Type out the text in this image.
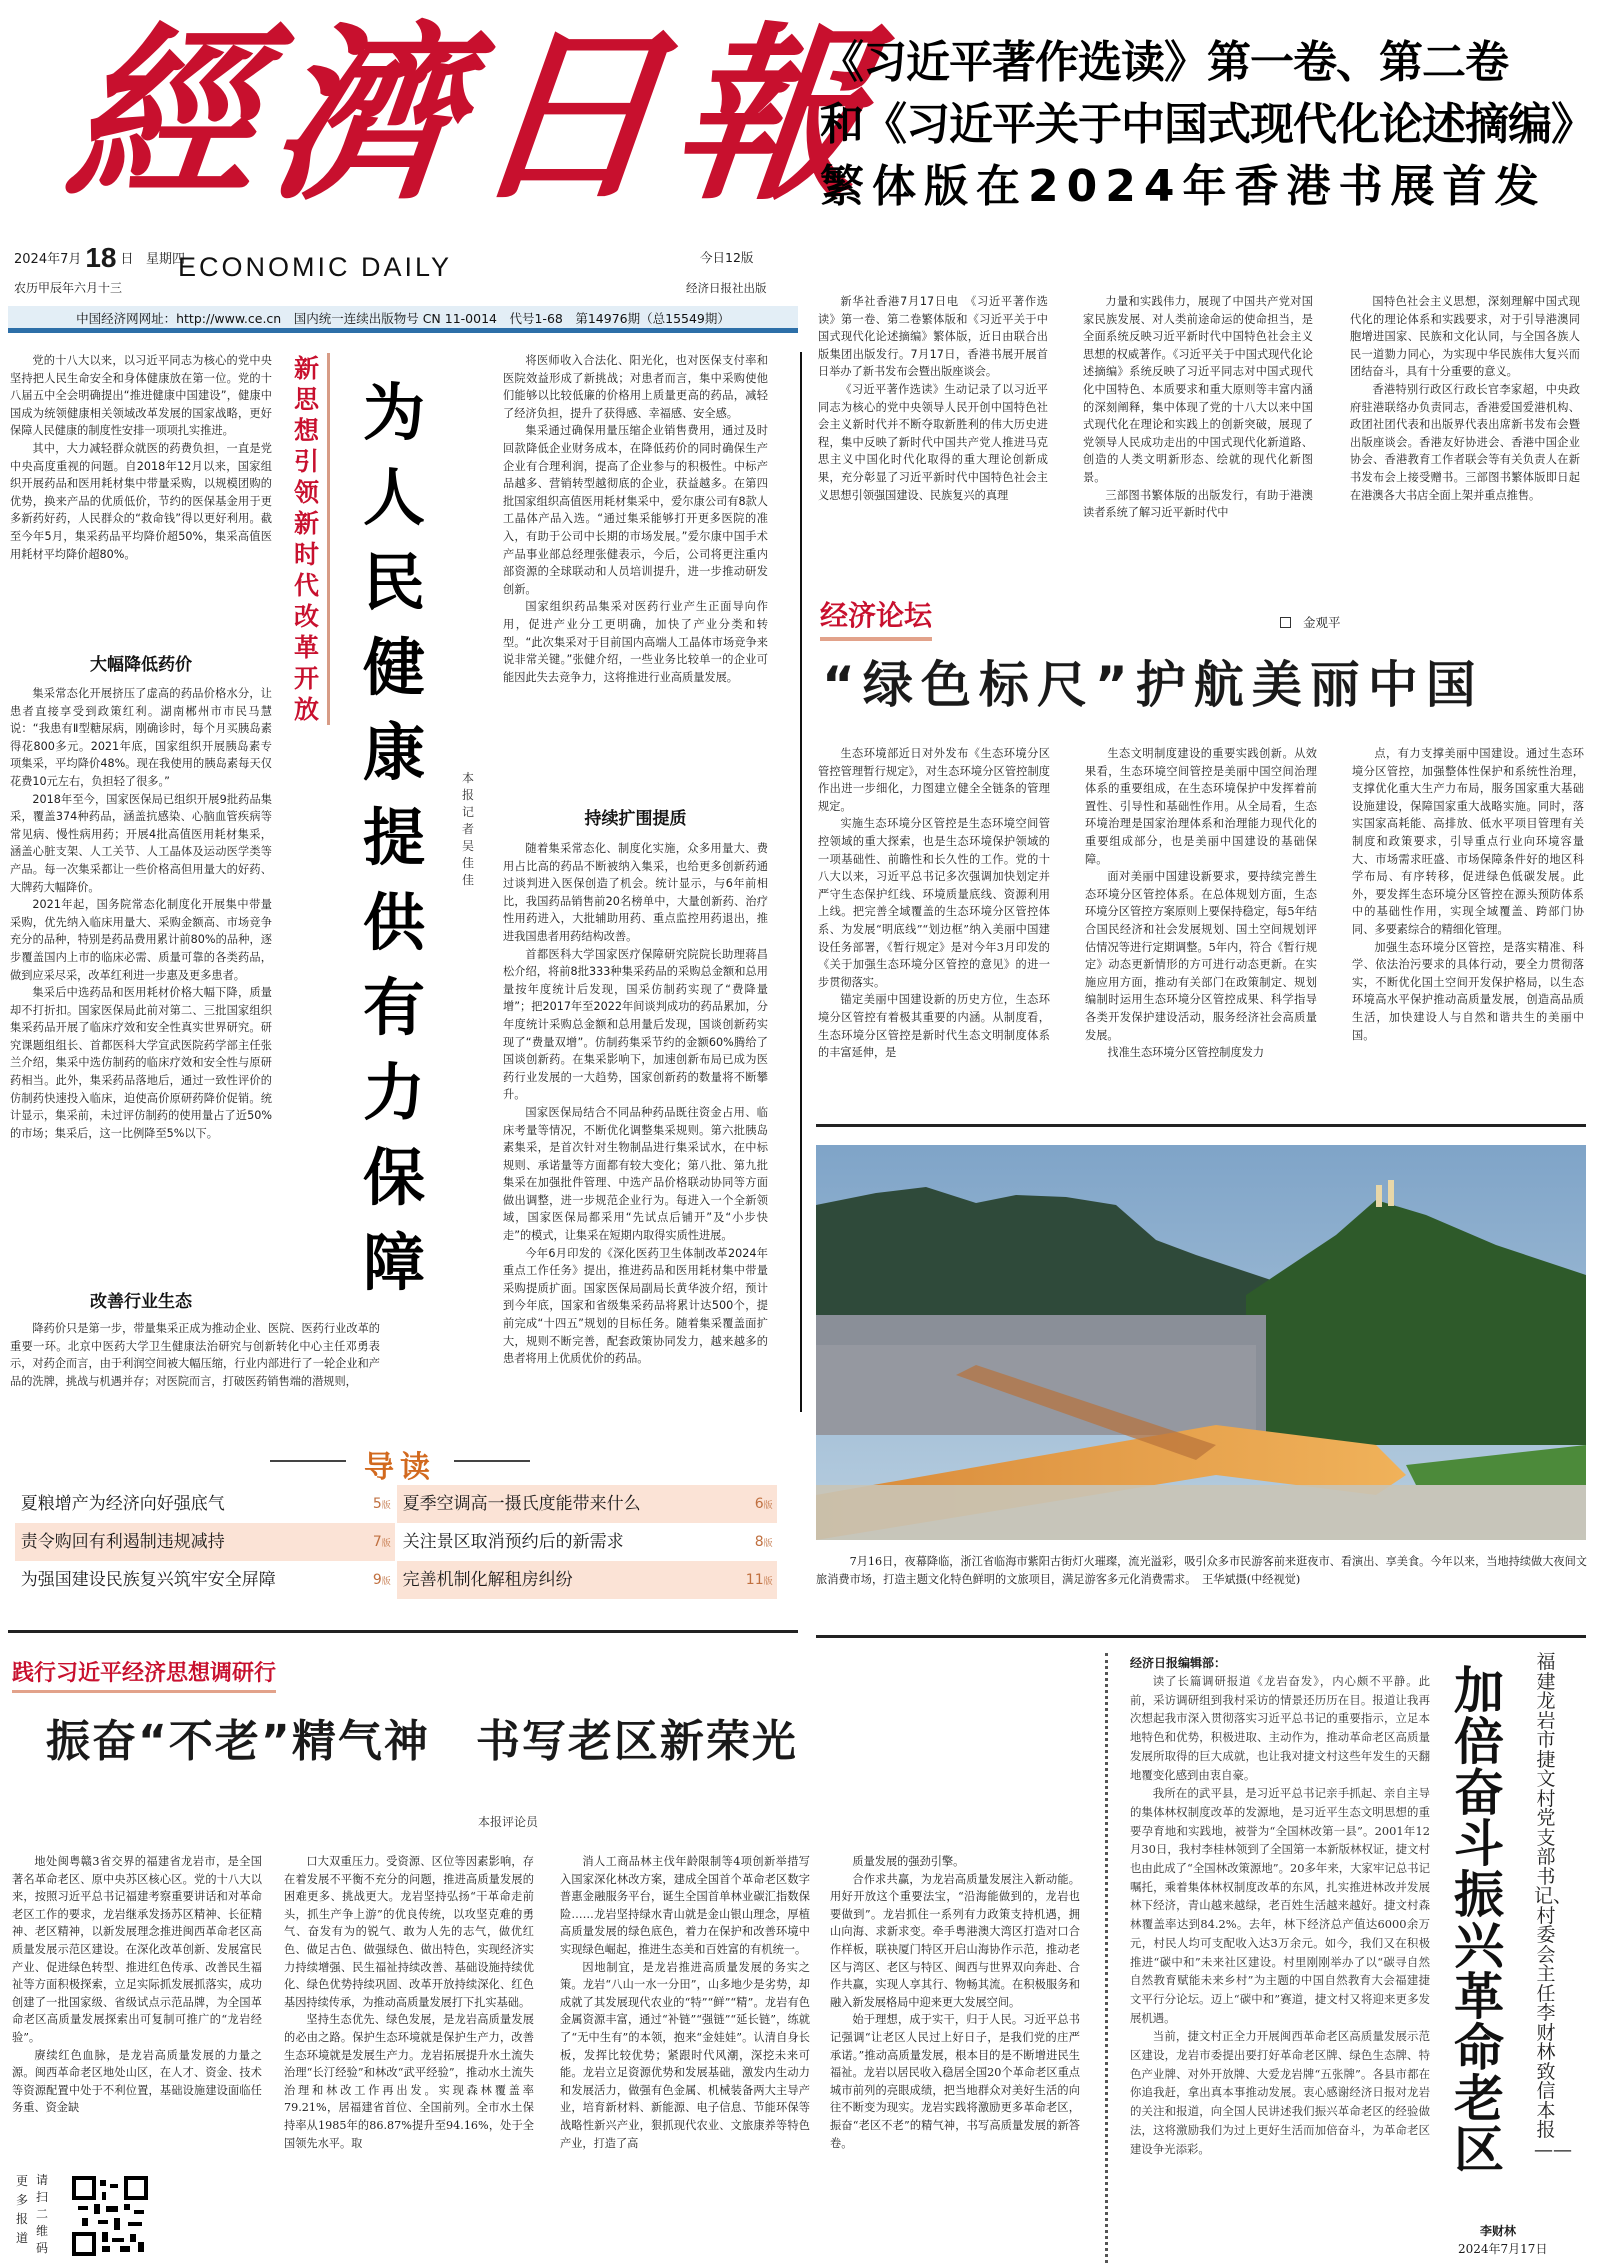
經濟日報
2024年7月 18 日 星期四
农历甲辰年六月十三
ECONOMIC DAILY	今日12版
经济日报社出版
中国经济网网址：http://www.ce.cn　国内统一连续出版物号 CN 11-0014　代号1-68　第14976期（总15549期）
《习近平著作选读》第一卷、第二卷
和《习近平关于中国式现代化论述摘编》
繁体版在2024年香港书展首发

新华社香港7月17日电　《习近平著作选读》第一卷、第二卷繁体版和《习近平关于中国式现代化论述摘编》繁体版，近日由联合出版集团出版发行。7月17日，香港书展开展首日举办了新书发布会暨出版座谈会。

《习近平著作选读》生动记录了以习近平同志为核心的党中央领导人民开创中国特色社会主义新时代并不断夺取新胜利的伟大历史进程，集中反映了新时代中国共产党人推进马克思主义中国化时代化取得的重大理论创新成果，充分彰显了习近平新时代中国特色社会主义思想引领强国建设、民族复兴的真理

力量和实践伟力，展现了中国共产党对国家民族发展、对人类前途命运的使命担当，是全面系统反映习近平新时代中国特色社会主义思想的权威著作。《习近平关于中国式现代化论述摘编》系统反映了习近平同志对中国式现代化中国特色、本质要求和重大原则等丰富内涵的深刻阐释，集中体现了党的十八大以来中国式现代化在理论和实践上的创新突破，展现了党领导人民成功走出的中国式现代化新道路、创造的人类文明新形态、绘就的现代化新图景。

三部图书繁体版的出版发行，有助于港澳读者系统了解习近平新时代中

国特色社会主义思想，深刻理解中国式现代化的理论体系和实践要求，对于引导港澳同胞增进国家、民族和文化认同，与全国各族人民一道勠力同心，为实现中华民族伟大复兴而团结奋斗，具有十分重要的意义。

香港特别行政区行政长官李家超，中央政府驻港联络办负责同志，香港爱国爱港机构、政团社团代表和出版界代表出席新书发布会暨出版座谈会。香港友好协进会、香港中国企业协会、香港教育工作者联会等有关负责人在新书发布会上接受赠书。三部图书繁体版即日起在港澳各大书店全面上架并重点推售。

经济论坛	金观平
“绿色标尺”护航美丽中国

生态环境部近日对外发布《生态环境分区管控管理暂行规定》，对生态环境分区管控制度作出进一步细化，力图建立健全全链条的管理规定。

实施生态环境分区管控是生态环境空间管控领域的重大探索，也是生态环境保护领域的一项基础性、前瞻性和长久性的工作。党的十八大以来，习近平总书记多次强调加快划定并严守生态保护红线、环境质量底线、资源利用上线。把完善全域覆盖的生态环境分区管控体系、为发展“明底线”“划边框”纳入美丽中国建设任务部署，《暂行规定》是对今年3月印发的《关于加强生态环境分区管控的意见》的进一步贯彻落实。

锚定美丽中国建设新的历史方位，生态环境分区管控有着极其重要的内涵。从制度看，生态环境分区管控是新时代生态文明制度体系的丰富延伸，是

生态文明制度建设的重要实践创新。从效果看，生态环境空间管控是美丽中国空间治理体系的重要组成，在生态环境保护中发挥着前置性、引导性和基础性作用。从全局看，生态环境治理是国家治理体系和治理能力现代化的重要组成部分，也是美丽中国建设的基础保障。

面对美丽中国建设新要求，要持续完善生态环境分区管控体系。在总体规划方面，生态环境分区管控方案原则上要保持稳定，每5年结合国民经济和社会发展规划、国土空间规划评估情况等进行定期调整。5年内，符合《暂行规定》动态更新情形的方可进行动态更新。在实施应用方面，推动有关部门在政策制定、规划编制时运用生态环境分区管控成果、科学指导各类开发保护建设活动，服务经济社会高质量发展。

找准生态环境分区管控制度发力

点，有力支撑美丽中国建设。通过生态环境分区管控，加强整体性保护和系统性治理，支撑优化重大生产力布局，服务国家重大基础设施建设，保障国家重大战略实施。同时，落实国家高耗能、高排放、低水平项目管理有关制度和政策要求，引导重点行业向环境容量大、市场需求旺盛、市场保障条件好的地区科学布局、有序转移，促进绿色低碳发展。此外，要发挥生态环境分区管控在源头预防体系中的基础性作用，实现全域覆盖、跨部门协同、多要素综合的精细化管理。

加强生态环境分区管控，是落实精准、科学、依法治污要求的具体行动，要全力贯彻落实，不断优化国土空间开发保护格局，以生态环境高水平保护推动高质量发展，创造高品质生活，加快建设人与自然和谐共生的美丽中国。

7月16日，夜幕降临，浙江省临海市紫阳古街灯火璀璨，流光溢彩，吸引众多市民游客前来逛夜市、看演出、享美食。今年以来，当地持续做大夜间文旅消费市场，打造主题文化特色鲜明的文旅项目，满足游客多元化消费需求。　王华斌摄(中经视觉)
新思想引领新时代改革开放
为人民健康提供有力保障
本报记者　吴佳佳

党的十八大以来，以习近平同志为核心的党中央坚持把人民生命安全和身体健康放在第一位。党的十八届五中全会明确提出“推进健康中国建设”，健康中国成为统领健康相关领域改革发展的国家战略，更好保障人民健康的制度性安排一项项扎实推进。

其中，大力减轻群众就医的药费负担，一直是党中央高度重视的问题。自2018年12月以来，国家组织开展药品和医用耗材集中带量采购，以规模团购的优势，换来产品的优质低价，节约的医保基金用于更多新药好药，人民群众的“救命钱”得以更好利用。截至今年5月，集采药品平均降价超50%，集采高值医用耗材平均降价超80%。

大幅降低药价

集采常态化开展挤压了虚高的药品价格水分，让患者直接享受到政策红利。湖南郴州市市民马慧说：“我患有Ⅱ型糖尿病，刚确诊时，每个月买胰岛素得花800多元。2021年底，国家组织开展胰岛素专项集采，平均降价48%。现在我使用的胰岛素每天仅花费10元左右，负担轻了很多。”

2018年至今，国家医保局已组织开展9批药品集采，覆盖374种药品，涵盖抗感染、心脑血管疾病等常见病、慢性病用药；开展4批高值医用耗材集采，涵盖心脏支架、人工关节、人工晶体及运动医学类等产品。每一次集采都让一些价格高但用量大的好药、大牌药大幅降价。

2021年起，国务院常态化制度化开展集中带量采购，优先纳入临床用量大、采购金额高、市场竞争充分的品种，特别是药品费用累计前80%的品种，逐步覆盖国内上市的临床必需、质量可靠的各类药品，做到应采尽采，改革红利进一步惠及更多患者。

集采后中选药品和医用耗材价格大幅下降，质量却不打折扣。国家医保局此前对第二、三批国家组织集采药品开展了临床疗效和安全性真实世界研究。研究课题组组长、首都医科大学宣武医院药学部主任张兰介绍，集采中选仿制药的临床疗效和安全性与原研药相当。此外，集采药品落地后，通过一致性评价的仿制药快速投入临床，迫使高价原研药降价促销。统计显示，集采前，未过评仿制药的使用量占了近50%的市场；集采后，这一比例降至5%以下。

改善行业生态

降药价只是第一步，带量集采正成为推动企业、医院、医药行业改革的重要一环。北京中医药大学卫生健康法治研究与创新转化中心主任邓勇表示，对药企而言，由于利润空间被大幅压缩，行业内部进行了一轮企业和产品的洗牌，挑战与机遇并存；对医院而言，打破医药销售端的潜规则，

将医师收入合法化、阳光化，也对医保支付率和医院效益形成了新挑战；对患者而言，集中采购使他们能够以比较低廉的价格用上质量更高的药品，减轻了经济负担，提升了获得感、幸福感、安全感。

集采通过确保用量压缩企业销售费用，通过及时回款降低企业财务成本，在降低药价的同时确保生产企业有合理利润，提高了企业参与的积极性。中标产品越多、营销转型越彻底的企业，获益越多。在第四批国家组织高值医用耗材集采中，爱尔康公司有8款人工晶体产品入选。“通过集采能够打开更多医院的准入，有助于公司中长期的市场发展。”爱尔康中国手术产品事业部总经理张健表示，今后，公司将更注重内部资源的全球联动和人员培训提升，进一步推动研发创新。

国家组织药品集采对医药行业产生正面导向作用，促进产业分工更明确，加快了产业分类和转型。“此次集采对于目前国内高端人工晶体市场竞争来说非常关键。”张健介绍，一些业务比较单一的企业可能因此失去竞争力，这将推进行业高质量发展。

持续扩围提质

随着集采常态化、制度化实施，众多用量大、费用占比高的药品不断被纳入集采，也给更多创新药通过谈判进入医保创造了机会。统计显示，与6年前相比，我国药品销售前20名榜单中，大量创新药、治疗性用药进入，大批辅助用药、重点监控用药退出，推进我国患者用药结构改善。

首都医科大学国家医疗保障研究院院长助理蒋昌松介绍，将前8批333种集采药品的采购总金额和总用量按年度统计后发现，国采仿制药实现了“费降量增”；把2017年至2022年间谈判成功的药品累加，分年度统计采购总金额和总用量后发现，国谈创新药实现了“费量双增”。仿制药集采节约的金额60%腾给了国谈创新药。在集采影响下，加速创新布局已成为医药行业发展的一大趋势，国家创新药的数量将不断攀升。

国家医保局结合不同品种药品既往资金占用、临床考量等情况，不断优化调整集采规则。第六批胰岛素集采，是首次针对生物制品进行集采试水，在中标规则、承诺量等方面都有较大变化；第八批、第九批集采在加强批件管理、中选产品价格联动协同等方面做出调整，进一步规范企业行为。每进入一个全新领域，国家医保局都采用“先试点后铺开”及“小步快走”的模式，让集采在短期内取得实质性进展。

今年6月印发的《深化医药卫生体制改革2024年重点工作任务》提出，推进药品和医用耗材集中带量采购提质扩面。国家医保局副局长黄华波介绍，预计到今年底，国家和省级集采药品将累计达500个，提前完成“十四五”规划的目标任务。随着集采覆盖面扩大，规则不断完善，配套政策协同发力，越来越多的患者将用上优质优价的药品。

导读
夏粮增产为经济向好强底气	5版 夏季空调高一摄氏度能带来什么	6版
责令购回有利遏制违规减持	7版 关注景区取消预约后的新需求	8版
为强国建设民族复兴筑牢安全屏障	9版 完善机制化解租房纠纷	11版
践行习近平经济思想调研行
振奋“不老”精气神　书写老区新荣光
本报评论员

地处闽粤赣3省交界的福建省龙岩市，是全国著名革命老区、原中央苏区核心区。党的十八大以来，按照习近平总书记福建考察重要讲话和对革命老区工作的要求，龙岩继承发扬苏区精神、长征精神、老区精神，以新发展理念推进闽西革命老区高质量发展示范区建设。在深化改革创新、发展富民产业、促进绿色转型、推进红色传承、改善民生福祉等方面积极探索，立足实际抓发展抓落实，成功创建了一批国家级、省级试点示范品牌，为全国革命老区高质量发展探索出可复制可推广的“龙岩经验”。

赓续红色血脉，是龙岩高质量发展的力量之源。闽西革命老区地处山区，在人才、资金、技术等资源配置中处于不利位置，基础设施建设面临任务重、资金缺

口大双重压力。受资源、区位等因素影响，存在着发展不平衡不充分的问题，推进高质量发展的困难更多、挑战更大。龙岩坚持弘扬“干革命走前头，抓生产争上游”的优良传统，以攻坚克难的勇气、奋发有为的锐气、敢为人先的志气，做优红色、做足古色、做强绿色、做出特色，实现经济实力持续增强、民生福祉持续改善、基础设施持续优化、绿色优势持续巩固、改革开放持续深化、红色基因持续传承，为推动高质量发展打下扎实基础。

坚持生态优先、绿色发展，是龙岩高质量发展的必由之路。保护生态环境就是保护生产力，改善生态环境就是发展生产力。龙岩拓展提升水土流失治理“长汀经验”和林改“武平经验”，推动水土流失治理和林改工作再出发。实现森林覆盖率79.21%，居福建省首位、全国前列。全市水土保持率从1985年的86.87%提升至94.16%，处于全国领先水平。取

消人工商品林主伐年龄限制等4项创新举措写入国家深化林改方案，建成全国首个革命老区数字普惠金融服务平台，诞生全国首单林业碳汇指数保险……龙岩坚持绿水青山就是金山银山理念，厚植高质量发展的绿色底色，着力在保护和改善环境中实现绿色崛起，推进生态美和百姓富的有机统一。

因地制宜，是龙岩推进高质量发展的务实之策。龙岩“八山一水一分田”，山多地少是劣势，却成就了其发展现代农业的“特”“鲜”“精”。龙岩有色金属资源丰富，通过“补链”“强链”“延长链”，练就了“无中生有”的本领，抱来“金娃娃”。认清自身长板，发挥比较优势；紧跟时代风潮，深挖未来可能。龙岩立足资源优势和发展基础，激发内生动力和发展活力，做强有色金属、机械装备两大主导产业，培育新材料、新能源、电子信息、节能环保等战略性新兴产业，狠抓现代农业、文旅康养等特色产业，打造了高

质量发展的强劲引擎。

合作求共赢，为龙岩高质量发展注入新动能。用好开放这个重要法宝，“沿海能做到的，龙岩也要做到”。龙岩抓住一系列有力政策支持机遇，拥山向海、求新求变。牵手粤港澳大湾区打造对口合作样板，联袂厦门特区开启山海协作示范，推动老区与湾区、老区与特区、闽西与世界双向奔赴、合作共赢，实现人享其行、物畅其流。在积极服务和融入新发展格局中迎来更大发展空间。

始于理想，成于实干，归于人民。习近平总书记强调“让老区人民过上好日子，是我们党的庄严承诺。”推动高质量发展，根本目的是不断增进民生福祉。龙岩以居民收入稳居全国20个革命老区重点城市前列的亮眼成绩，把当地群众对美好生活的向往不断变为现实。龙岩实践将激励更多革命老区，振奋“老区不老”的精气神，书写高质量发展的新答卷。

更多报道
请扫二维码
经济日报编辑部：

读了长篇调研报道《龙岩奋发》，内心颇不平静。此前，采访调研组到我村采访的情景还历历在目。报道让我再次想起我市深入贯彻落实习近平总书记的重要指示，立足本地特色和优势，积极进取、主动作为，推动革命老区高质量发展所取得的巨大成就，也让我对捷文村这些年发生的天翻地覆变化感到由衷自豪。

我所在的武平县，是习近平总书记亲手抓起、亲自主导的集体林权制度改革的发源地，是习近平生态文明思想的重要孕育地和实践地，被誉为“全国林改第一县”。2001年12月30日，我村李桂林领到了全国第一本新版林权证，捷文村也由此成了“全国林改策源地”。20多年来，大家牢记总书记嘱托，乘着集体林权制度改革的东风，扎实推进林改并发展林下经济，青山越来越绿，老百姓生活越来越好。捷文村森林覆盖率达到84.2%。去年，林下经济总产值达6000余万元，村民人均可支配收入达3万余元。如今，我们又在积极推进“碳中和”未来社区建设。村里刚刚举办了以“碳寻自然　自然教育赋能未来乡村”为主题的中国自然教育大会福建捷文平行分论坛。迈上“碳中和”赛道，捷文村又将迎来更多发展机遇。

当前，捷文村正全力开展闽西革命老区高质量发展示范区建设，龙岩市委提出要打好革命老区牌、绿色生态牌、特色产业牌、对外开放牌、大爱龙岩牌“五张牌”。各县市都在你追我赶，拿出真本事推动发展。衷心感谢经济日报对龙岩的关注和报道，向全国人民讲述我们振兴革命老区的经验做法，这将激励我们为过上更好生活而加倍奋斗，为革命老区建设争光添彩。

加倍奋斗振兴革命老区
福建龙岩市捷文村党支部书记、村委会主任李财林致信本报——
李财林
2024年7月17日
